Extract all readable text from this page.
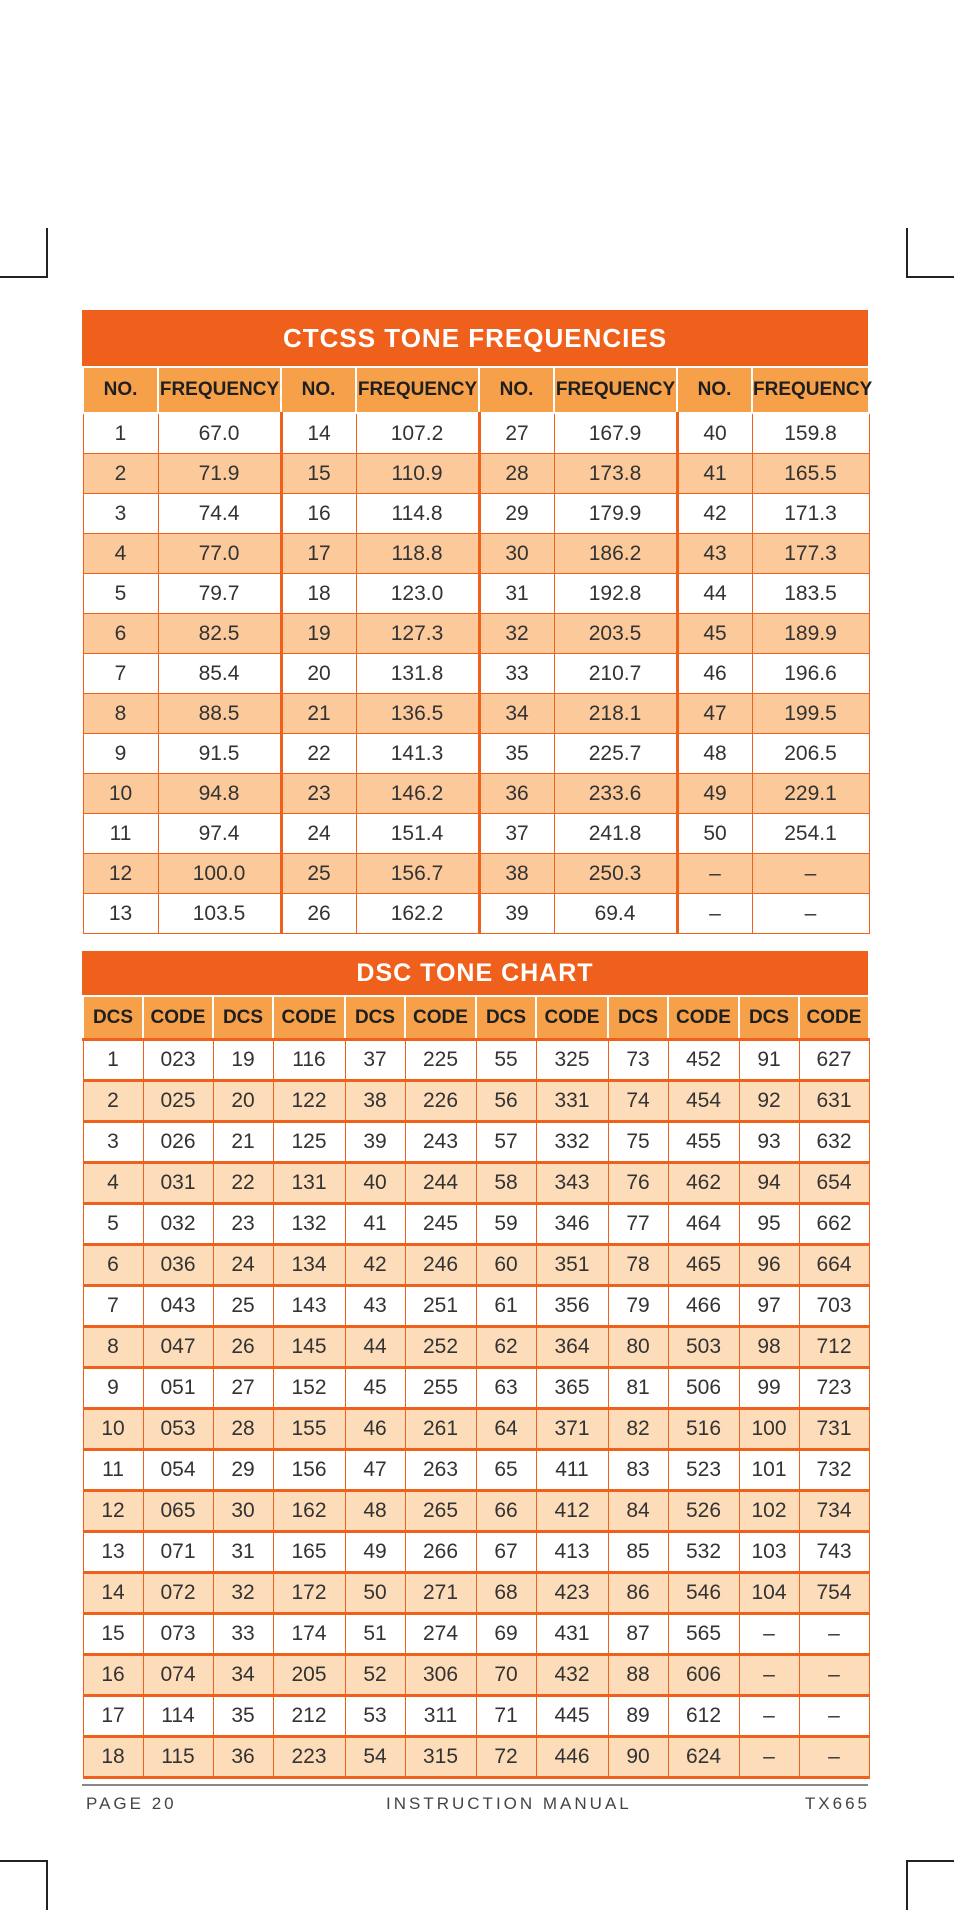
CTCSS TONE FREQUENCIES
NO.	FREQUENCY	NO.	FREQUENCY	NO.	FREQUENCY	NO.	FREQUENCY
1	67.0	14	107.2	27	167.9	40	159.8
2	71.9	15	110.9	28	173.8	41	165.5
3	74.4	16	114.8	29	179.9	42	171.3
4	77.0	17	118.8	30	186.2	43	177.3
5	79.7	18	123.0	31	192.8	44	183.5
6	82.5	19	127.3	32	203.5	45	189.9
7	85.4	20	131.8	33	210.7	46	196.6
8	88.5	21	136.5	34	218.1	47	199.5
9	91.5	22	141.3	35	225.7	48	206.5
10	94.8	23	146.2	36	233.6	49	229.1
11	97.4	24	151.4	37	241.8	50	254.1
12	100.0	25	156.7	38	250.3	–	–
13	103.5	26	162.2	39	69.4	–	–
DSC TONE CHART
DCS	CODE	DCS	CODE	DCS	CODE	DCS	CODE	DCS	CODE	DCS	CODE
1	023	19	116	37	225	55	325	73	452	91	627
2	025	20	122	38	226	56	331	74	454	92	631
3	026	21	125	39	243	57	332	75	455	93	632
4	031	22	131	40	244	58	343	76	462	94	654
5	032	23	132	41	245	59	346	77	464	95	662
6	036	24	134	42	246	60	351	78	465	96	664
7	043	25	143	43	251	61	356	79	466	97	703
8	047	26	145	44	252	62	364	80	503	98	712
9	051	27	152	45	255	63	365	81	506	99	723
10	053	28	155	46	261	64	371	82	516	100	731
11	054	29	156	47	263	65	411	83	523	101	732
12	065	30	162	48	265	66	412	84	526	102	734
13	071	31	165	49	266	67	413	85	532	103	743
14	072	32	172	50	271	68	423	86	546	104	754
15	073	33	174	51	274	69	431	87	565	–	–
16	074	34	205	52	306	70	432	88	606	–	–
17	114	35	212	53	311	71	445	89	612	–	–
18	115	36	223	54	315	72	446	90	624	–	–
PAGE 20	INSTRUCTION MANUAL	TX665
